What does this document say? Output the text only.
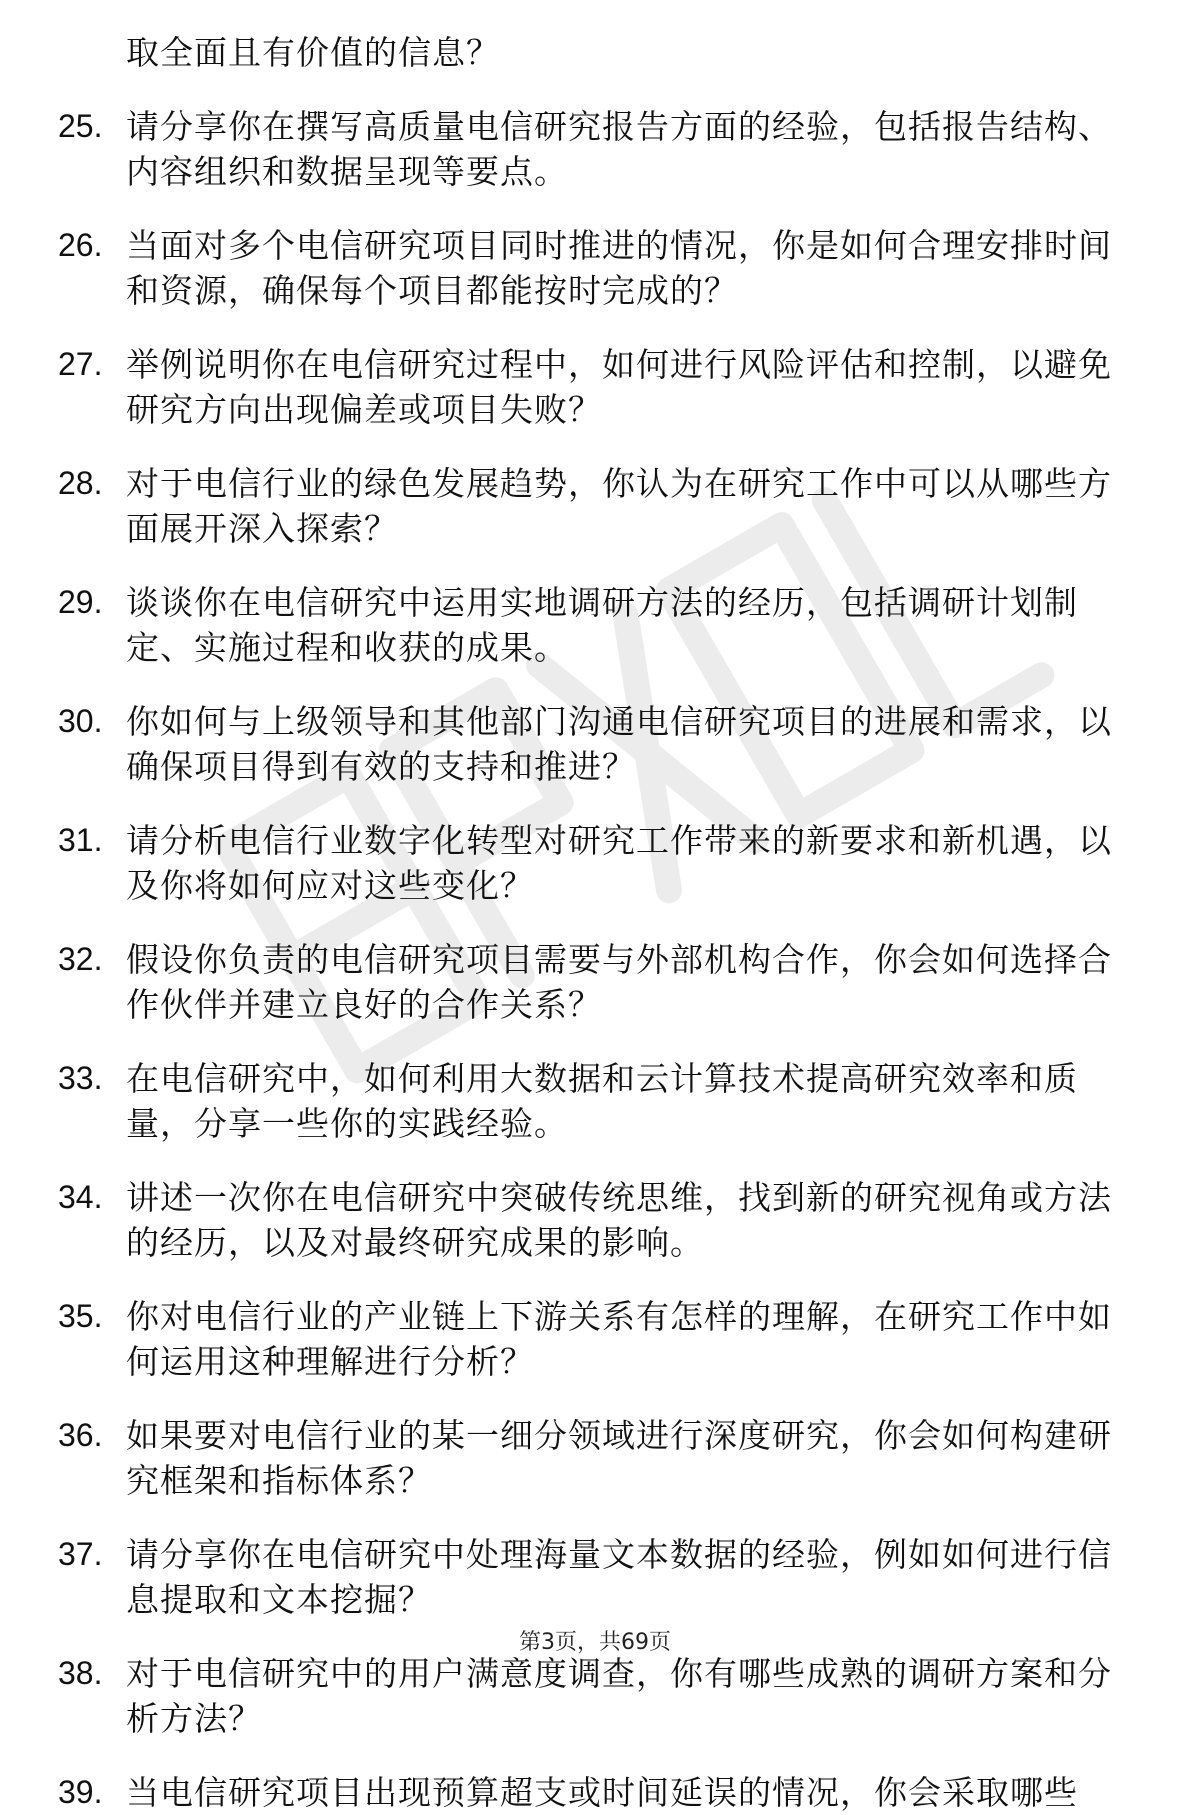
取全面且有价值的信息？
25. 请分享你在撰写高质量电信研究报告方面的经验，包括报告结构、内容组织和数据呈现等要点。
26. 当面对多个电信研究项目同时推进的情况，你是如何合理安排时间和资源，确保每个项目都能按时完成的？
27. 举例说明你在电信研究过程中，如何进行风险评估和控制，以避免研究方向出现偏差或项目失败？
28. 对于电信行业的绿色发展趋势，你认为在研究工作中可以从哪些方面展开深入探索？
29. 谈谈你在电信研究中运用实地调研方法的经历，包括调研计划制定、实施过程和收获的成果。
30. 你如何与上级领导和其他部门沟通电信研究项目的进展和需求，以确保项目得到有效的支持和推进？
31. 请分析电信行业数字化转型对研究工作带来的新要求和新机遇，以及你将如何应对这些变化？
32. 假设你负责的电信研究项目需要与外部机构合作，你会如何选择合作伙伴并建立良好的合作关系？
33. 在电信研究中，如何利用大数据和云计算技术提高研究效率和质量，分享一些你的实践经验。
34. 讲述一次你在电信研究中突破传统思维，找到新的研究视角或方法的经历，以及对最终研究成果的影响。
35. 你对电信行业的产业链上下游关系有怎样的理解，在研究工作中如何运用这种理解进行分析？
36. 如果要对电信行业的某一细分领域进行深度研究，你会如何构建研究框架和指标体系？
37. 请分享你在电信研究中处理海量文本数据的经验，例如如何进行信息提取和文本挖掘？
38. 对于电信研究中的用户满意度调查，你有哪些成熟的调研方案和分析方法？
39. 当电信研究项目出现预算超支或时间延误的情况，你会采取哪些
第3页，共69页
